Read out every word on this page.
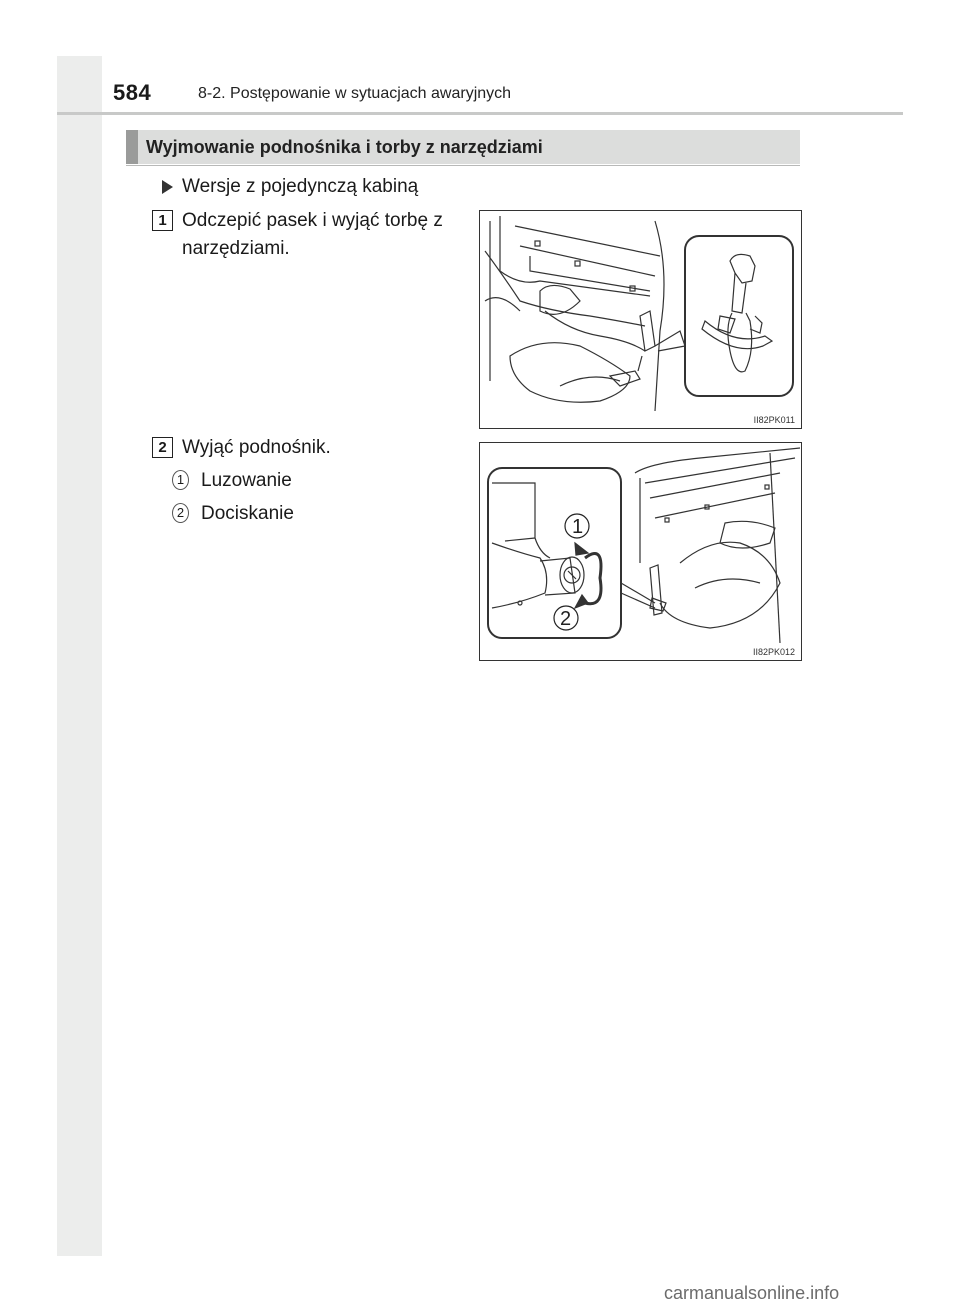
584	8-2. Postępowanie w sytuacjach awaryjnych
Wyjmowanie podnośnika i torby z narzędziami
Wersje z pojedynczą kabiną
1 Odczepić pasek i wyjąć torbę z narzędziami.
II82PK011
2 Wyjąć podnośnik.
1 Luzowanie
2 Dociskanie
1
2
II82PK012
carmanualsonline.info
